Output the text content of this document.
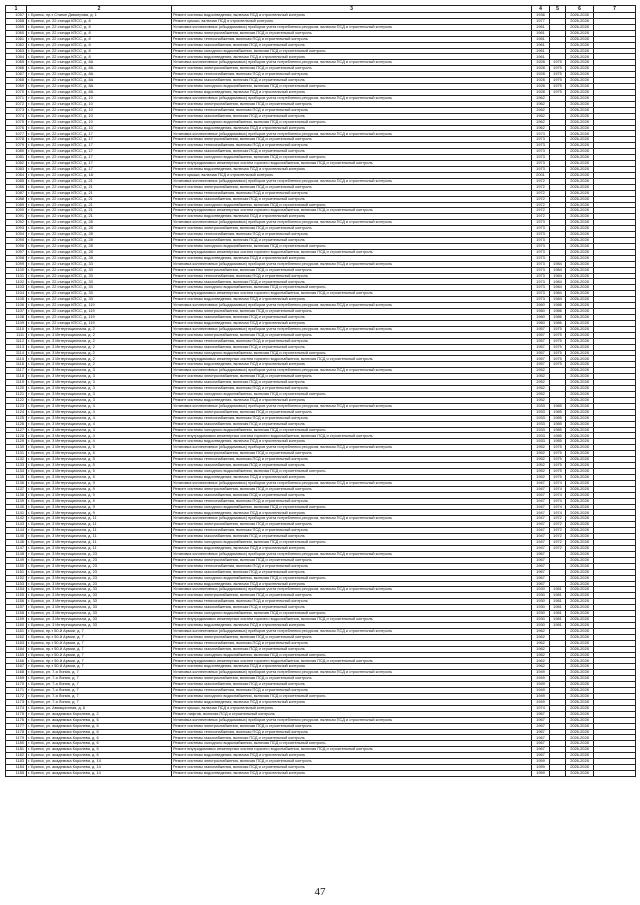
1	2	3	4	5	6	7
1057	г. Брянск, пр-т Станке Димитрова, д. 1	Ремонт системы водоотведения, включая ПСД и строительный контроль	1936		2026-2028	
1058	г. Брянск, ул. 22 съезда КПСС, д. 8	Ремонт крыши, включая ПСД и строительный контроль	1977		2026-2028	
1059	г. Брянск, ул. 22 съезда КПСС, д. 8	Установка коллективных (общедомовых) приборов учета потребления ресурсов, включая ПСД и строительный контроль	1961		2026-2028	
1060	г. Брянск, ул. 22 съезда КПСС, д. 8	Ремонт системы электроснабжения, включая ПСД и строительный контроль	1961		2026-2028	
1061	г. Брянск, ул. 22 съезда КПСС, д. 8	Ремонт системы теплоснабжения, включая ПСД и строительный контроль	1961		2026-2028	
1062	г. Брянск, ул. 22 съезда КПСС, д. 8	Ремонт системы газоснабжения, включая ПСД и строительный контроль	1961		2026-2028	
1063	г. Брянск, ул. 22 съезда КПСС, д. 8	Ремонт системы холодного водоснабжения, включая ПСД и строительный контроль	1961		2026-2028	
1064	г. Брянск, ул. 22 съезда КПСС, д. 8	Ремонт системы водоотведения, включая ПСД и строительный контроль	1961		2026-2028	
1065	г. Брянск, ул. 22 съезда КПСС, д. 8А	Установка коллективных (общедомовых) приборов учета потребления ресурсов, включая ПСД и строительный контроль	1928	1975	2026-2028	
1066	г. Брянск, ул. 22 съезда КПСС, д. 8А	Ремонт системы электроснабжения, включая ПСД и строительный контроль	1928	1975	2026-2028	
1067	г. Брянск, ул. 22 съезда КПСС, д. 8А	Ремонт системы теплоснабжения, включая ПСД и строительный контроль	1928	1975	2026-2028	
1068	г. Брянск, ул. 22 съезда КПСС, д. 8А	Ремонт системы газоснабжения, включая ПСД и строительный контроль	1928	1975	2026-2028	
1069	г. Брянск, ул. 22 съезда КПСС, д. 8А	Ремонт системы холодного водоснабжения, включая ПСД и строительный контроль	1928	1975	2026-2028	
1070	г. Брянск, ул. 22 съезда КПСС, д. 8А	Ремонт системы водоотведения, включая ПСД и строительный контроль	1928	1975	2026-2028	
1071	г. Брянск, ул. 22 съезда КПСС, д. 10	Установка коллективных (общедомовых) приборов учета потребления ресурсов, включая ПСД и строительный контроль	1962		2026-2028	
1072	г. Брянск, ул. 22 съезда КПСС, д. 10	Ремонт системы электроснабжения, включая ПСД и строительный контроль	1962		2026-2028	
1073	г. Брянск, ул. 22 съезда КПСС, д. 10	Ремонт системы теплоснабжения, включая ПСД и строительный контроль	1962		2026-2028	
1074	г. Брянск, ул. 22 съезда КПСС, д. 10	Ремонт системы газоснабжения, включая ПСД и строительный контроль	1962		2026-2028	
1075	г. Брянск, ул. 22 съезда КПСС, д. 10	Ремонт системы холодного водоснабжения, включая ПСД и строительный контроль	1962		2026-2028	
1076	г. Брянск, ул. 22 съезда КПСС, д. 10	Ремонт системы водоотведения, включая ПСД и строительный контроль	1962		2026-2028	
1077	г. Брянск, ул. 22 съезда КПСС, д. 17	Установка коллективных (общедомовых) приборов учета потребления ресурсов, включая ПСД и строительный контроль	1973		2026-2028	
1078	г. Брянск, ул. 22 съезда КПСС, д. 17	Ремонт системы электроснабжения, включая ПСД и строительный контроль	1973		2026-2028	
1079	г. Брянск, ул. 22 съезда КПСС, д. 17	Ремонт системы теплоснабжения, включая ПСД и строительный контроль	1973		2026-2028	
1080	г. Брянск, ул. 22 съезда КПСС, д. 17	Ремонт системы газоснабжения, включая ПСД и строительный контроль	1973		2026-2028	
1081	г. Брянск, ул. 22 съезда КПСС, д. 17	Ремонт системы холодного водоснабжения, включая ПСД и строительный контроль	1973		2026-2028	
1082	г. Брянск, ул. 22 съезда КПСС, д. 17	Ремонт внутридомовых инженерных систем горячего водоснабжения, включая ПСД и строительный контроль	1973		2026-2028	
1083	г. Брянск, ул. 22 съезда КПСС, д. 17	Ремонт системы водоотведения, включая ПСД и строительный контроль	1973		2026-2028	
1084	г. Брянск, ул. 22 съезда КПСС, д. 18	Ремонт крыши, включая ПСД и строительный контроль	2001		2026-2028	
1085	г. Брянск, ул. 22 съезда КПСС, д. 21	Установка коллективных (общедомовых) приборов учета потребления ресурсов, включая ПСД и строительный контроль	1972		2026-2028	
1086	г. Брянск, ул. 22 съезда КПСС, д. 21	Ремонт системы электроснабжения, включая ПСД и строительный контроль	1972		2026-2028	
1087	г. Брянск, ул. 22 съезда КПСС, д. 21	Ремонт системы теплоснабжения, включая ПСД и строительный контроль	1972		2026-2028	
1088	г. Брянск, ул. 22 съезда КПСС, д. 21	Ремонт системы газоснабжения, включая ПСД и строительный контроль	1972		2026-2028	
1089	г. Брянск, ул. 22 съезда КПСС, д. 21	Ремонт системы холодного водоснабжения, включая ПСД и строительный контроль	1972		2026-2028	
1090	г. Брянск, ул. 22 съезда КПСС, д. 21	Ремонт внутридомовых инженерных систем горячего водоснабжения, включая ПСД и строительный контроль	1972		2026-2028	
1091	г. Брянск, ул. 22 съезда КПСС, д. 21	Ремонт системы водоотведения, включая ПСД и строительный контроль	1972		2026-2028	
1092	г. Брянск, ул. 22 съезда КПСС, д. 28	Установка коллективных (общедомовых) приборов учета потребления ресурсов, включая ПСД и строительный контроль	1973		2026-2028	
1093	г. Брянск, ул. 22 съезда КПСС, д. 28	Ремонт системы электроснабжения, включая ПСД и строительный контроль	1973		2026-2028	
1094	г. Брянск, ул. 22 съезда КПСС, д. 28	Ремонт системы теплоснабжения, включая ПСД и строительный контроль	1973		2026-2028	
1095	г. Брянск, ул. 22 съезда КПСС, д. 28	Ремонт системы газоснабжения, включая ПСД и строительный контроль	1973		2026-2028	
1096	г. Брянск, ул. 22 съезда КПСС, д. 28	Ремонт системы холодного водоснабжения, включая ПСД и строительный контроль	1973		2026-2028	
1097	г. Брянск, ул. 22 съезда КПСС, д. 28	Ремонт внутридомовых инженерных систем горячего водоснабжения, включая ПСД и строительный контроль	1973		2026-2028	
1098	г. Брянск, ул. 22 съезда КПСС, д. 28	Ремонт системы водоотведения, включая ПСД и строительный контроль	1973		2026-2028	
1099	г. Брянск, ул. 22 съезда КПСС, д. 33	Установка коллективных (общедомовых) приборов учета потребления ресурсов, включая ПСД и строительный контроль	1973	1984	2026-2028	
1100	г. Брянск, ул. 22 съезда КПСС, д. 33	Ремонт системы электроснабжения, включая ПСД и строительный контроль	1973	1984	2026-2028	
1101	г. Брянск, ул. 22 съезда КПСС, д. 33	Ремонт системы теплоснабжения, включая ПСД и строительный контроль	1973	1984	2026-2028	
1102	г. Брянск, ул. 22 съезда КПСС, д. 33	Ремонт системы газоснабжения, включая ПСД и строительный контроль	1973	1984	2026-2028	
1103	г. Брянск, ул. 22 съезда КПСС, д. 33	Ремонт системы холодного водоснабжения, включая ПСД и строительный контроль	1973	1984	2026-2028	
1104	г. Брянск, ул. 22 съезда КПСС, д. 33	Ремонт внутридомовых инженерных систем горячего водоснабжения, включая ПСД и строительный контроль	1973	1984	2026-2028	
1105	г. Брянск, ул. 22 съезда КПСС, д. 33	Ремонт системы водоотведения, включая ПСД и строительный контроль	1973	1984	2026-2028	
1106	г. Брянск, ул. 22 съезда КПСС, д. 119	Установка коллективных (общедомовых) приборов учета потребления ресурсов, включая ПСД и строительный контроль	1960	1986	2026-2028	
1107	г. Брянск, ул. 22 съезда КПСС, д. 119	Ремонт системы электроснабжения, включая ПСД и строительный контроль	1960	1986	2026-2028	
1108	г. Брянск, ул. 22 съезда КПСС, д. 119	Ремонт системы газоснабжения, включая ПСД и строительный контроль	1960	1986	2026-2028	
1109	г. Брянск, ул. 22 съезда КПСС, д. 119	Ремонт системы водоотведения, включая ПСД и строительный контроль	1960	1986	2026-2028	
1110	г. Брянск, ул. 3 Интернационала, д. 2	Установка коллективных (общедомовых) приборов учета потребления ресурсов, включая ПСД и строительный контроль	1957	1975	2026-2028	
1111	г. Брянск, ул. 3 Интернационала, д. 2	Ремонт системы электроснабжения, включая ПСД и строительный контроль	1957	1975	2026-2028	
1112	г. Брянск, ул. 3 Интернационала, д. 2	Ремонт системы теплоснабжения, включая ПСД и строительный контроль	1957	1975	2026-2028	
1113	г. Брянск, ул. 3 Интернационала, д. 2	Ремонт системы газоснабжения, включая ПСД и строительный контроль	1957	1975	2026-2028	
1114	г. Брянск, ул. 3 Интернационала, д. 2	Ремонт системы холодного водоснабжения, включая ПСД и строительный контроль	1957	1975	2026-2028	
1115	г. Брянск, ул. 3 Интернационала, д. 2	Ремонт внутридомовых инженерных систем горячего водоснабжения, включая ПСД и строительный контроль	1957	1975	2026-2028	
1116	г. Брянск, ул. 3 Интернационала, д. 2	Ремонт системы водоотведения, включая ПСД и строительный контроль	1957	1975	2026-2028	
1117	г. Брянск, ул. 3 Интернационала, д. 3	Установка коллективных (общедомовых) приборов учета потребления ресурсов, включая ПСД и строительный контроль	1952		2026-2028	
1118	г. Брянск, ул. 3 Интернационала, д. 3	Ремонт системы электроснабжения, включая ПСД и строительный контроль	1952		2026-2028	
1119	г. Брянск, ул. 3 Интернационала, д. 3	Ремонт системы газоснабжения, включая ПСД и строительный контроль	1952		2026-2028	
1120	г. Брянск, ул. 3 Интернационала, д. 3	Ремонт системы теплоснабжения, включая ПСД и строительный контроль	1952		2026-2028	
1121	г. Брянск, ул. 3 Интернационала, д. 3	Ремонт системы холодного водоснабжения, включая ПСД и строительный контроль	1952		2026-2028	
1122	г. Брянск, ул. 3 Интернационала, д. 3	Ремонт системы водоотведения, включая ПСД и строительный контроль	1952		2026-2028	
1123	г. Брянск, ул. 3 Интернационала, д. 4	Установка коллективных (общедомовых) приборов учета потребления ресурсов, включая ПСД и строительный контроль	1933	1985	2026-2028	
1124	г. Брянск, ул. 3 Интернационала, д. 4	Ремонт системы электроснабжения, включая ПСД и строительный контроль	1933	1985	2026-2028	
1125	г. Брянск, ул. 3 Интернационала, д. 4	Ремонт системы теплоснабжения, включая ПСД и строительный контроль	1933	1985	2026-2028	
1126	г. Брянск, ул. 3 Интернационала, д. 4	Ремонт системы газоснабжения, включая ПСД и строительный контроль	1933	1985	2026-2028	
1127	г. Брянск, ул. 3 Интернационала, д. 4	Ремонт системы холодного водоснабжения, включая ПСД и строительный контроль	1933	1985	2026-2028	
1128	г. Брянск, ул. 3 Интернационала, д. 4	Ремонт внутридомовых инженерных систем горячего водоснабжения, включая ПСД и строительный контроль	1933	1985	2026-2028	
1129	г. Брянск, ул. 3 Интернационала, д. 4	Ремонт системы водоотведения, включая ПСД и строительный контроль	1933	1985	2026-2028	
1130	г. Брянск, ул. 3 Интернационала, д. 5	Установка коллективных (общедомовых) приборов учета потребления ресурсов, включая ПСД и строительный контроль	1952	1975	2026-2028	
1131	г. Брянск, ул. 3 Интернационала, д. 5	Ремонт системы электроснабжения, включая ПСД и строительный контроль	1952	1975	2026-2028	
1132	г. Брянск, ул. 3 Интернационала, д. 5	Ремонт системы теплоснабжения, включая ПСД и строительный контроль	1952	1975	2026-2028	
1133	г. Брянск, ул. 3 Интернационала, д. 5	Ремонт системы газоснабжения, включая ПСД и строительный контроль	1952	1975	2026-2028	
1134	г. Брянск, ул. 3 Интернационала, д. 5	Ремонт системы холодного водоснабжения, включая ПСД и строительный контроль	1952	1975	2026-2028	
1135	г. Брянск, ул. 3 Интернационала, д. 5	Ремонт системы водоотведения, включая ПСД и строительный контроль	1952	1975	2026-2028	
1136	г. Брянск, ул. 3 Интернационала, д. 9	Установка коллективных (общедомовых) приборов учета потребления ресурсов, включая ПСД и строительный контроль	1947	1974	2026-2028	
1137	г. Брянск, ул. 3 Интернационала, д. 9	Ремонт системы электроснабжения, включая ПСД и строительный контроль	1947	1974	2026-2028	
1138	г. Брянск, ул. 3 Интернационала, д. 9	Ремонт системы газоснабжения, включая ПСД и строительный контроль	1947	1974	2026-2028	
1139	г. Брянск, ул. 3 Интернационала, д. 9	Ремонт системы теплоснабжения, включая ПСД и строительный контроль	1947	1974	2026-2028	
1140	г. Брянск, ул. 3 Интернационала, д. 9	Ремонт системы холодного водоснабжения, включая ПСД и строительный контроль	1947	1974	2026-2028	
1141	г. Брянск, ул. 3 Интернационала, д. 9	Ремонт системы водоотведения, включая ПСД и строительный контроль	1947	1974	2026-2028	
1142	г. Брянск, ул. 3 Интернационала, д. 11	Установка коллективных (общедомовых) приборов учета потребления ресурсов, включая ПСД и строительный контроль	1947	1972	2026-2028	
1143	г. Брянск, ул. 3 Интернационала, д. 11	Ремонт системы электроснабжения, включая ПСД и строительный контроль	1947	1972	2026-2028	
1144	г. Брянск, ул. 3 Интернационала, д. 11	Ремонт системы теплоснабжения, включая ПСД и строительный контроль	1947	1972	2026-2028	
1145	г. Брянск, ул. 3 Интернационала, д. 11	Ремонт системы газоснабжения, включая ПСД и строительный контроль	1947	1972	2026-2028	
1146	г. Брянск, ул. 3 Интернационала, д. 11	Ремонт системы холодного водоснабжения, включая ПСД и строительный контроль	1947	1972	2026-2028	
1147	г. Брянск, ул. 3 Интернационала, д. 11	Ремонт системы водоотведения, включая ПСД и строительный контроль	1947	1972	2026-2028	
1148	г. Брянск, ул. 3 Интернационала, д. 23	Установка коллективных (общедомовых) приборов учета потребления ресурсов, включая ПСД и строительный контроль	1967		2026-2028	
1149	г. Брянск, ул. 3 Интернационала, д. 23	Ремонт системы электроснабжения, включая ПСД и строительный контроль	1967		2026-2028	
1150	г. Брянск, ул. 3 Интернационала, д. 23	Ремонт системы теплоснабжения, включая ПСД и строительный контроль	1967		2026-2028	
1151	г. Брянск, ул. 3 Интернационала, д. 23	Ремонт системы газоснабжения, включая ПСД и строительный контроль	1967		2026-2028	
1152	г. Брянск, ул. 3 Интернационала, д. 23	Ремонт системы холодного водоснабжения, включая ПСД и строительный контроль	1967		2026-2028	
1153	г. Брянск, ул. 3 Интернационала, д. 23	Ремонт системы водоотведения, включая ПСД и строительный контроль	1967		2026-2028	
1154	г. Брянск, ул. 3 Интернационала, д. 33	Установка коллективных (общедомовых) приборов учета потребления ресурсов, включая ПСД и строительный контроль	1930	1981	2026-2028	
1155	г. Брянск, ул. 3 Интернационала, д. 33	Ремонт системы электроснабжения, включая ПСД и строительный контроль	1930	1981	2026-2028	
1156	г. Брянск, ул. 3 Интернационала, д. 33	Ремонт системы теплоснабжения, включая ПСД и строительный контроль	1930	1981	2026-2028	
1157	г. Брянск, ул. 3 Интернационала, д. 33	Ремонт системы газоснабжения, включая ПСД и строительный контроль	1930	1981	2026-2028	
1158	г. Брянск, ул. 3 Интернационала, д. 33	Ремонт системы холодного водоснабжения, включая ПСД и строительный контроль	1930	1981	2026-2028	
1159	г. Брянск, ул. 3 Интернационала, д. 33	Ремонт внутридомовых инженерных систем горячего водоснабжения, включая ПСД и строительный контроль	1930	1981	2026-2028	
1160	г. Брянск, ул. 3 Интернационала, д. 33	Ремонт системы водоотведения, включая ПСД и строительный контроль	1930	1981	2026-2028	
1161	г. Брянск, пр-т 50-й Армии, д. 7	Установка коллективных (общедомовых) приборов учета потребления ресурсов, включая ПСД и строительный контроль	1962		2026-2028	
1162	г. Брянск, пр-т 50-й Армии, д. 7	Ремонт системы электроснабжения, включая ПСД и строительный контроль	1962		2026-2028	
1163	г. Брянск, пр-т 50-й Армии, д. 7	Ремонт системы теплоснабжения, включая ПСД и строительный контроль	1962		2026-2028	
1164	г. Брянск, пр-т 50-й Армии, д. 7	Ремонт системы газоснабжения, включая ПСД и строительный контроль	1962		2026-2028	
1165	г. Брянск, пр-т 50-й Армии, д. 7	Ремонт системы холодного водоснабжения, включая ПСД и строительный контроль	1962		2026-2028	
1166	г. Брянск, пр-т 50-й Армии, д. 7	Ремонт внутридомовых инженерных систем горячего водоснабжения, включая ПСД и строительный контроль	1962		2026-2028	
1167	г. Брянск, пр-т 50-й Армии, д. 7	Ремонт системы водоотведения, включая ПСД и строительный контроль	1962		2026-2028	
1168	г. Брянск, ул. 7-я Линия, д. 7	Установка коллективных (общедомовых) приборов учета потребления ресурсов, включая ПСД и строительный контроль	1949		2026-2028	
1169	г. Брянск, ул. 7-я Линия, д. 7	Ремонт системы электроснабжения, включая ПСД и строительный контроль	1949		2026-2028	
1170	г. Брянск, ул. 7-я Линия, д. 7	Ремонт системы газоснабжения, включая ПСД и строительный контроль	1949		2026-2028	
1171	г. Брянск, ул. 7-я Линия, д. 7	Ремонт системы теплоснабжения, включая ПСД и строительный контроль	1949		2026-2028	
1172	г. Брянск, ул. 7-я Линия, д. 7	Ремонт системы холодного водоснабжения, включая ПСД и строительный контроль	1949		2026-2028	
1173	г. Брянск, ул. 7-я Линия, д. 7	Ремонт системы водоотведения, включая ПСД и строительный контроль	1949		2026-2028	
1174	г. Брянск, ул. Авиационная, д. 6	Ремонт крыши, включая ПСД и строительный контроль	1974		2026-2028	
1175	г. Брянск, ул. академика Королева, д. 2	Ремонт лифтов, включая ПСД и строительный контроль	1967		2026-2028	
1176	г. Брянск, ул. академика Королева, д. 6	Установка коллективных (общедомовых) приборов учета потребления ресурсов, включая ПСД и строительный контроль	1967		2026-2028	
1177	г. Брянск, ул. академика Королева, д. 6	Ремонт системы электроснабжения, включая ПСД и строительный контроль	1967		2026-2028	
1178	г. Брянск, ул. академика Королева, д. 6	Ремонт системы теплоснабжения, включая ПСД и строительный контроль	1967		2026-2028	
1179	г. Брянск, ул. академика Королева, д. 6	Ремонт системы газоснабжения, включая ПСД и строительный контроль	1967		2026-2028	
1180	г. Брянск, ул. академика Королева, д. 6	Ремонт системы холодного водоснабжения, включая ПСД и строительный контроль	1967		2026-2028	
1181	г. Брянск, ул. академика Королева, д. 6	Ремонт внутридомовых инженерных систем горячего водоснабжения, включая ПСД и строительный контроль	1967		2026-2028	
1182	г. Брянск, ул. академика Королева, д. 6	Ремонт системы водоотведения, включая ПСД и строительный контроль	1967		2026-2028	
1183	г. Брянск, ул. академика Королева, д. 14	Ремонт системы электроснабжения, включая ПСД и строительный контроль	1959		2026-2028	
1184	г. Брянск, ул. академика Королева, д. 14	Ремонт системы газоснабжения, включая ПСД и строительный контроль	1959		2026-2028	
1185	г. Брянск, ул. академика Королева, д. 14	Ремонт системы водоотведения, включая ПСД и строительный контроль	1959		2026-2028	
47
